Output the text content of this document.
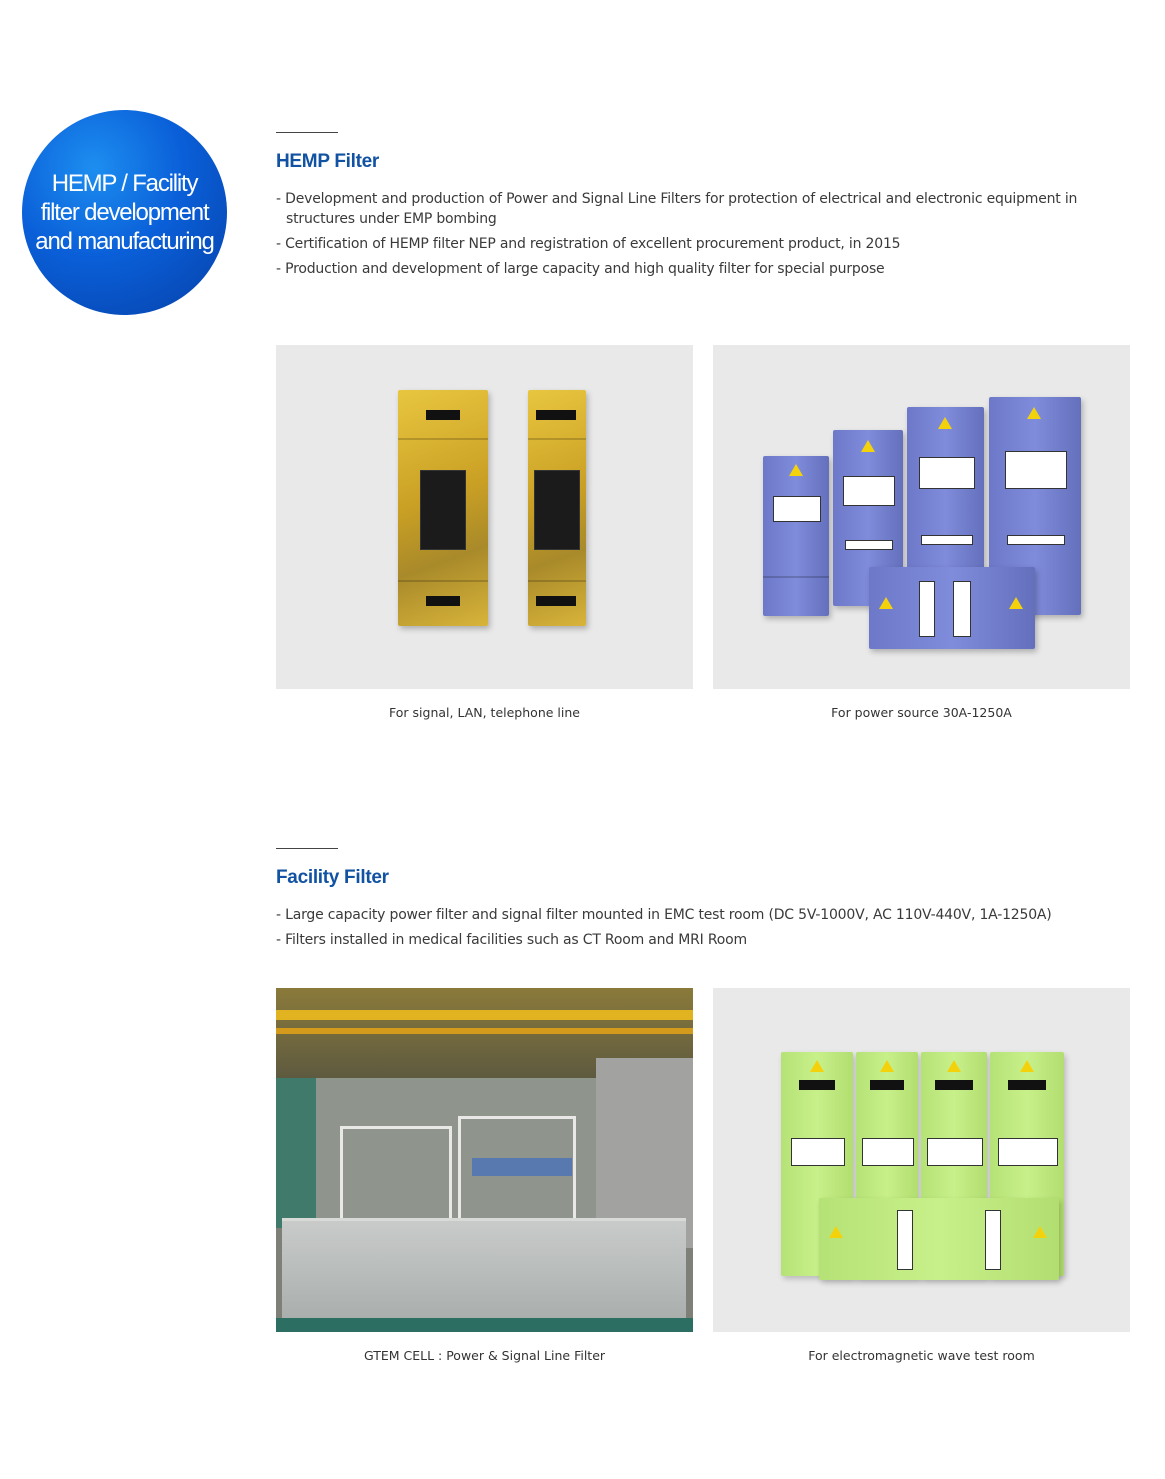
HEMP / Facility filter development and manufacturing
HEMP Filter
- Development and production of Power and Signal Line Filters for protection of electrical and electronic equipment in structures under EMP bombing
- Certification of HEMP filter NEP and registration of excellent procurement product, in 2015
- Production and development of large capacity and high quality filter for special purpose
For signal, LAN, telephone line	For power source 30A-1250A
Facility Filter
- Large capacity power filter and signal filter mounted in EMC test room (DC 5V-1000V, AC 110V-440V, 1A-1250A)
- Filters installed in medical facilities such as CT Room and MRI Room
GTEM CELL : Power & Signal Line Filter	For electromagnetic wave test room
